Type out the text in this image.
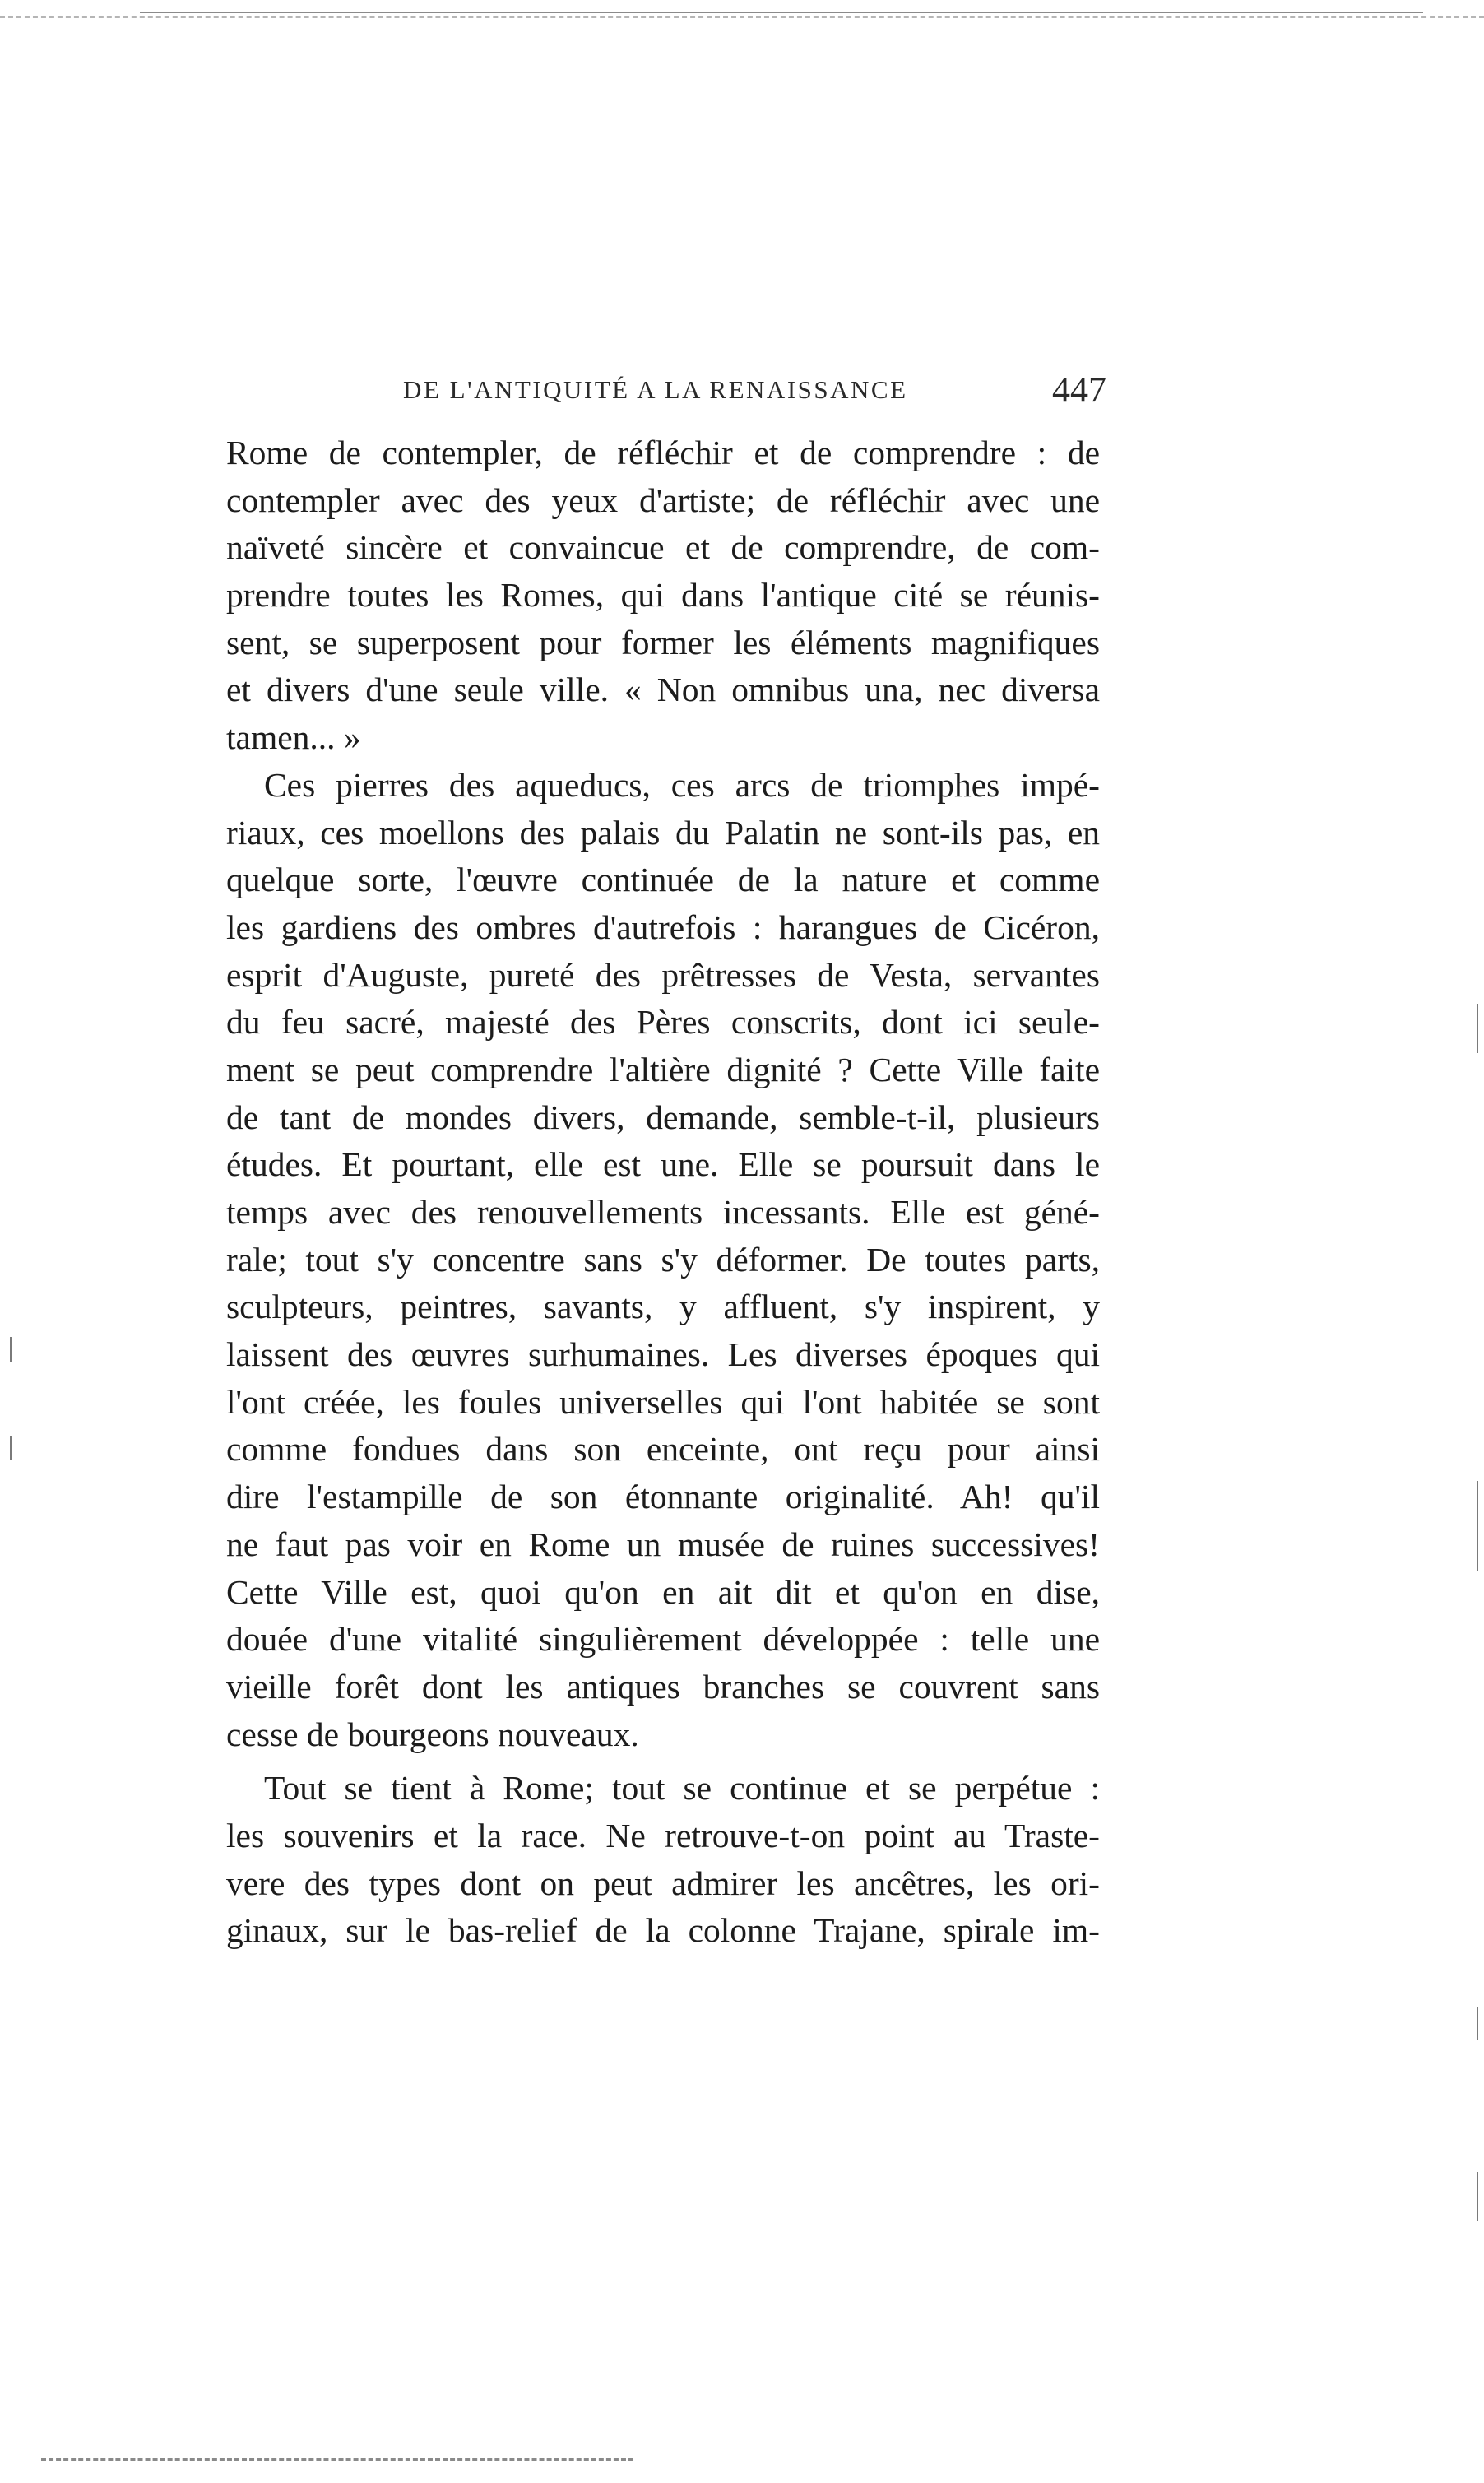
DE L'ANTIQUITÉ A LA RENAISSANCE	447
Rome de contempler, de réfléchir et de comprendre : de
contempler avec des yeux d'artiste; de réfléchir avec une
naïveté sincère et convaincue et de comprendre, de com-
prendre toutes les Romes, qui dans l'antique cité se réunis-
sent, se superposent pour former les éléments magnifiques
et divers d'une seule ville. « Non omnibus una, nec diversa
tamen... »
Ces pierres des aqueducs, ces arcs de triomphes impé-
riaux, ces moellons des palais du Palatin ne sont-ils pas, en
quelque sorte, l'œuvre continuée de la nature et comme
les gardiens des ombres d'autrefois : harangues de Cicéron,
esprit d'Auguste, pureté des prêtresses de Vesta, servantes
du feu sacré, majesté des Pères conscrits, dont ici seule-
ment se peut comprendre l'altière dignité ? Cette Ville faite
de tant de mondes divers, demande, semble-t-il, plusieurs
études. Et pourtant, elle est une. Elle se poursuit dans le
temps avec des renouvellements incessants. Elle est géné-
rale; tout s'y concentre sans s'y déformer. De toutes parts,
sculpteurs, peintres, savants, y affluent, s'y inspirent, y
laissent des œuvres surhumaines. Les diverses époques qui
l'ont créée, les foules universelles qui l'ont habitée se sont
comme fondues dans son enceinte, ont reçu pour ainsi
dire l'estampille de son étonnante originalité. Ah! qu'il
ne faut pas voir en Rome un musée de ruines successives!
Cette Ville est, quoi qu'on en ait dit et qu'on en dise,
douée d'une vitalité singulièrement développée : telle une
vieille forêt dont les antiques branches se couvrent sans
cesse de bourgeons nouveaux.
Tout se tient à Rome; tout se continue et se perpétue :
les souvenirs et la race. Ne retrouve-t-on point au Traste-
vere des types dont on peut admirer les ancêtres, les ori-
ginaux, sur le bas-relief de la colonne Trajane, spirale im-
